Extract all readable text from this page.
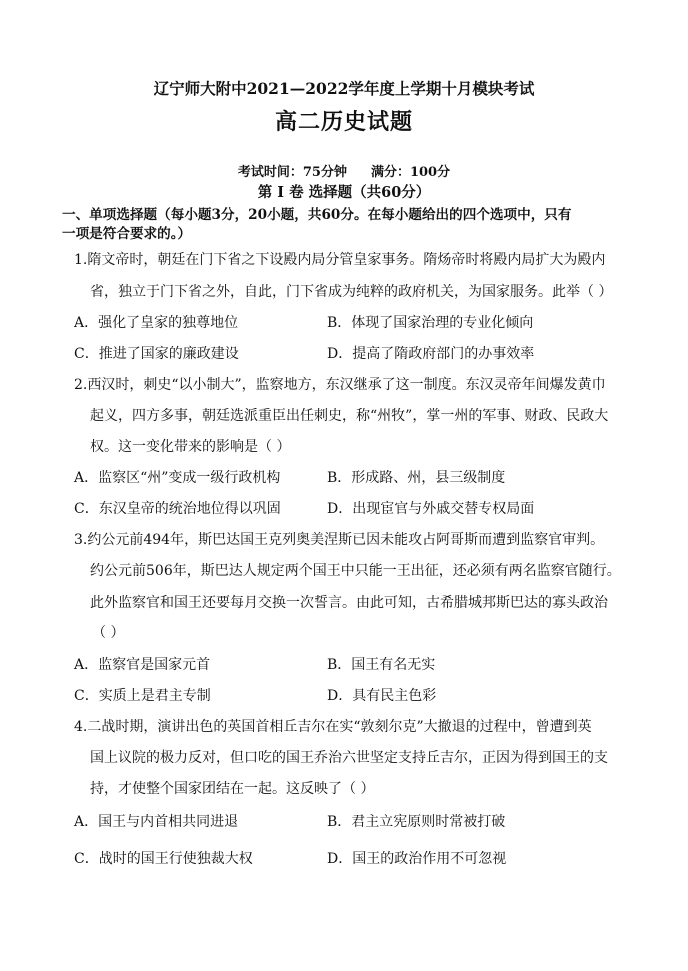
辽宁师大附中2021—2022学年度上学期十月模块考试
高二历史试题
考试时间：75分钟 满分：100分
第 Ⅰ 卷 选择题（共60分）
一、单项选择题（每小题3分，20小题，共60分。在每小题给出的四个选项中，只有
一项是符合要求的。）
1.隋文帝时，朝廷在门下省之下设殿内局分管皇家事务。隋炀帝时将殿内局扩大为殿内
省，独立于门下省之外，自此，门下省成为纯粹的政府机关，为国家服务。此举（ ）
A．强化了皇家的独尊地位	B．体现了国家治理的专业化倾向
C．推进了国家的廉政建设	D．提高了隋政府部门的办事效率
2.西汉时，刺史“以小制大”，监察地方，东汉继承了这一制度。东汉灵帝年间爆发黄巾
起义，四方多事，朝廷选派重臣出任刺史，称“州牧”，掌一州的军事、财政、民政大
权。这一变化带来的影响是（ ）
A．监察区“州”变成一级行政机构	B．形成路、州，县三级制度
C．东汉皇帝的统治地位得以巩固	D．出现宦官与外戚交替专权局面
3.约公元前494年，斯巴达国王克列奥美涅斯已因未能攻占阿哥斯而遭到监察官审判。
约公元前506年，斯巴达人规定两个国王中只能一王出征，还必须有两名监察官随行。
此外监察官和国王还要每月交换一次誓言。由此可知，古希腊城邦斯巴达的寡头政治
（ ）
A．监察官是国家元首	B．国王有名无实
C．实质上是君主专制	D．具有民主色彩
4.二战时期，演讲出色的英国首相丘吉尔在实“敦刻尔克”大撤退的过程中，曾遭到英
国上议院的极力反对，但口吃的国王乔治六世坚定支持丘吉尔，正因为得到国王的支
持，才使整个国家团结在一起。这反映了（ ）
A．国王与内首相共同进退	B．君主立宪原则时常被打破
C．战时的国王行使独裁大权	D．国王的政治作用不可忽视
